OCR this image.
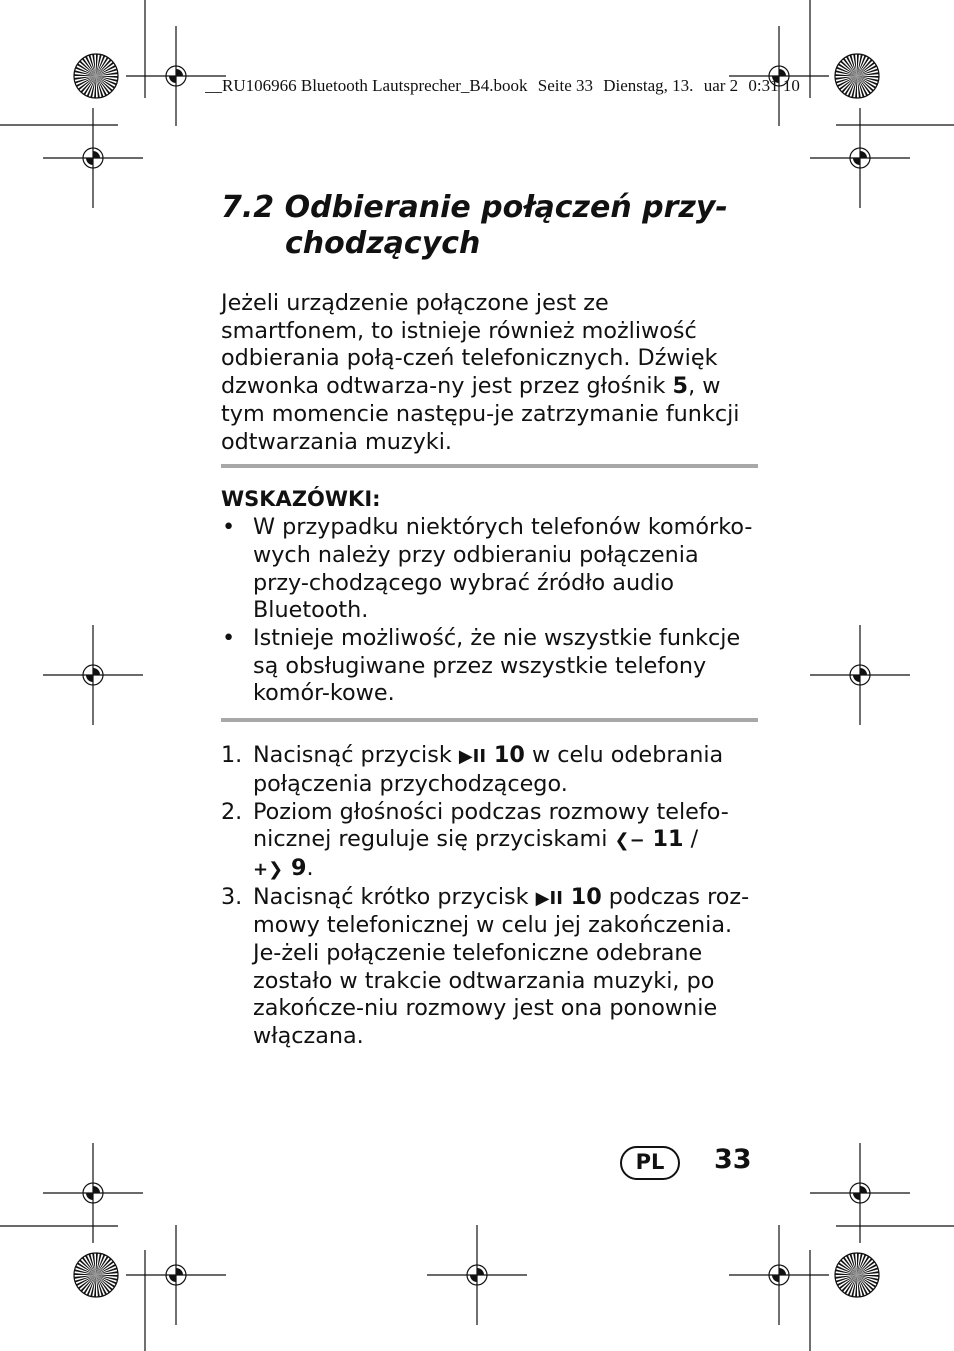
__RU106966 Bluetooth Lautsprecher_B4.book Seite 33 Dienstag, 13. uar 2 0:31 10
7.2 Odbieranie połączeń przy-
chodzących

Jeżeli urządzenie połączone jest ze smartfonem, to istnieje również możliwość odbierania połą-czeń telefonicznych. Dźwięk dzwonka odtwarza-ny jest przez głośnik 5, w tym momencie następu-je zatrzymanie funkcji odtwarzania muzyki.

WSKAZÓWKI:
• W przypadku niektórych telefonów komórko-wych należy przy odbieraniu połączenia przy-chodzącego wybrać źródło audio Bluetooth.
• Istnieje możliwość, że nie wszystkie funkcje są obsługiwane przez wszystkie telefony komór-kowe.
1. Nacisnąć przycisk ▶II 10 w celu odebrania połączenia przychodzącego.
2. Poziom głośności podczas rozmowy telefo-nicznej reguluje się przyciskami ❮− 11 / +❯ 9.
3. Nacisnąć krótko przycisk ▶II 10 podczas roz-mowy telefonicznej w celu jej zakończenia. Je-żeli połączenie telefoniczne odebrane zostało w trakcie odtwarzania muzyki, po zakończe-niu rozmowy jest ona ponownie włączana.
PL	33
